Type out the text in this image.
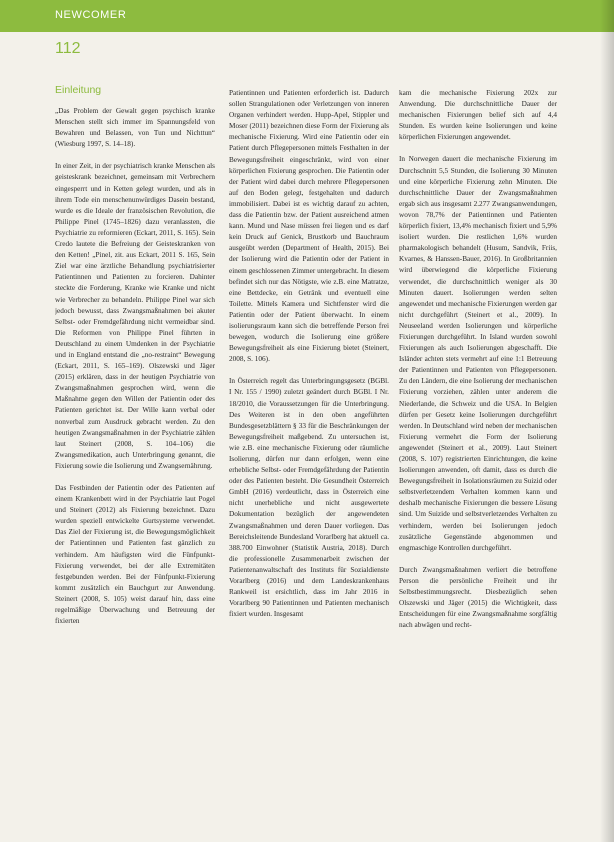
NEWCOMER
112
Einleitung

„Das Problem der Gewalt gegen psychisch kranke Menschen stellt sich immer im Spannungsfeld von Bewahren und Belassen, von Tun und Nichttun“ (Wiesburg 1997, S. 14–18).

In einer Zeit, in der psychiatrisch kranke Menschen als geisteskrank bezeichnet, gemeinsam mit Verbrechern eingesperrt und in Ketten gelegt wurden, und als in ihrem Tode ein menschenunwürdiges Dasein bestand, wurde es die Ideale der französischen Revolution, die Philippe Pinel (1745–1826) dazu veranlassten, die Psychiatrie zu reformieren (Eckart, 2011, S. 165). Sein Credo lautete die Befreiung der Geisteskranken von den Ketten! „Pinel, zit. aus Eckart, 2011 S. 165, Sein Ziel war eine ärztliche Behandlung psychiatrisierter Patientinnen und Patienten zu forcieren. Dahinter steckte die Forderung, Kranke wie Kranke und nicht wie Verbrecher zu behandeln. Philippe Pinel war sich jedoch bewusst, dass Zwangsmaßnahmen bei akuter Selbst- oder Fremdgefährdung nicht vermeidbar sind. Die Reformen von Philippe Pinel führten in Deutschland zu einem Umdenken in der Psychiatrie und in England entstand die „no-restraint“ Bewegung (Eckart, 2011, S. 165–169). Olszewski und Jäger (2015) erklären, dass in der heutigen Psychiatrie von Zwangsmaßnahmen gesprochen wird, wenn die Maßnahme gegen den Willen der Patientin oder des Patienten gerichtet ist. Der Wille kann verbal oder nonverbal zum Ausdruck gebracht werden. Zu den heutigen Zwangsmaßnahmen in der Psychiatrie zählen laut Steinert (2008, S. 104–106) die Zwangsmedikation, auch Unterbringung genannt, die Fixierung sowie die Isolierung und Zwangsernährung.

Das Festbinden der Patientin oder des Patienten auf einem Krankenbett wird in der Psychiatrie laut Pogel und Steinert (2012) als Fixierung bezeichnet. Dazu wurden speziell entwickelte Gurtsysteme verwendet. Das Ziel der Fixierung ist, die Bewegungsmöglichkeit der Patientinnen und Patienten fast gänzlich zu verhindern. Am häufigsten wird die Fünfpunkt-Fixierung verwendet, bei der alle Extremitäten festgebunden werden. Bei der Fünfpunkt-Fixierung kommt zusätzlich ein Bauchgurt zur Anwendung. Steinert (2008, S. 105) weist darauf hin, dass eine regelmäßige Überwachung und Betreuung der fixierten

Patientinnen und Patienten erforderlich ist. Dadurch sollen Strangulationen oder Verletzungen von inneren Organen verhindert werden. Hupp-Apel, Stippler und Moser (2011) bezeichnen diese Form der Fixierung als mechanische Fixierung. Wird eine Patientin oder ein Patient durch Pflegepersonen mittels Festhalten in der Bewegungsfreiheit eingeschränkt, wird von einer körperlichen Fixierung gesprochen. Die Patientin oder der Patient wird dabei durch mehrere Pflegepersonen auf den Boden gelegt, festgehalten und dadurch immobilisiert. Dabei ist es wichtig darauf zu achten, dass die Patientin bzw. der Patient ausreichend atmen kann. Mund und Nase müssen frei liegen und es darf kein Druck auf Genick, Brustkorb und Bauchraum ausgeübt werden (Department of Health, 2015). Bei der Isolierung wird die Patientin oder der Patient in einem geschlossenen Zimmer untergebracht. In diesem befindet sich nur das Nötigste, wie z.B. eine Matratze, eine Bettdecke, ein Getränk und eventuell eine Toilette. Mittels Kamera und Sichtfenster wird die Patientin oder der Patient überwacht. In einem isolierungsraum kann sich die betreffende Person frei bewegen, wodurch die Isolierung eine größere Bewegungsfreiheit als eine Fixierung bietet (Steinert, 2008, S. 106).

In Österreich regelt das Unterbringungsgesetz (BGBl. I Nr. 155 / 1990) zuletzt geändert durch BGBl. I Nr. 18/2010, die Voraussetzungen für die Unterbringung. Des Weiteren ist in den oben angeführten Bundesgesetzblättern § 33 für die Beschränkungen der Bewegungsfreiheit maßgebend. Zu untersuchen ist, wie z.B. eine mechanische Fixierung oder räumliche Isolierung, dürfen nur dann erfolgen, wenn eine erhebliche Selbst- oder Fremdgefährdung der Patientin oder des Patienten besteht. Die Gesundheit Österreich GmbH (2016) verdeutlicht, dass in Österreich eine nicht unerhebliche und nicht ausgewertete Dokumentation bezüglich der angewendeten Zwangsmaßnahmen und deren Dauer vorliegen. Das Bereichsleitende Bundesland Vorarlberg hat aktuell ca. 388.700 Einwohner (Statistik Austria, 2018). Durch die professionelle Zusammenarbeit zwischen der Patientenanwaltschaft des Instituts für Sozialdienste Vorarlberg (2016) und dem Landeskrankenhaus Rankweil ist ersichtlich, dass im Jahr 2016 in Vorarlberg 90 Patientinnen und Patienten mechanisch fixiert wurden. Insgesamt

kam die mechanische Fixierung 202x zur Anwendung. Die durchschnittliche Dauer der mechanischen Fixierungen belief sich auf 4,4 Stunden. Es wurden keine Isolierungen und keine körperlichen Fixierungen angewendet.

In Norwegen dauert die mechanische Fixierung im Durchschnitt 5,5 Stunden, die Isolierung 30 Minuten und eine körperliche Fixierung zehn Minuten. Die durchschnittliche Dauer der Zwangsmaßnahmen ergab sich aus insgesamt 2.277 Zwangsanwendungen, wovon 78,7% der Patientinnen und Patienten körperlich fixiert, 13,4% mechanisch fixiert und 5,9% isoliert wurden. Die restlichen 1,6% wurden pharmakologisch behandelt (Husum, Sandvik, Friis, Kvarnes, & Hanssen-Bauer, 2016). In Großbritannien wird überwiegend die körperliche Fixierung verwendet, die durchschnittlich weniger als 30 Minuten dauert. Isolierungen werden selten angewendet und mechanische Fixierungen werden gar nicht durchgeführt (Steinert et al., 2009). In Neuseeland werden Isolierungen und körperliche Fixierungen durchgeführt. In Island wurden sowohl Fixierungen als auch Isolierungen abgeschafft. Die Isländer achten stets vermehrt auf eine 1:1 Betreuung der Patientinnen und Patienten von Pflegepersonen. Zu den Ländern, die eine Isolierung der mechanischen Fixierung vorziehen, zählen unter anderem die Niederlande, die Schweiz und die USA. In Belgien dürfen per Gesetz keine Isolierungen durchgeführt werden. In Deutschland wird neben der mechanischen Fixierung vermehrt die Form der Isolierung angewendet (Steinert et al., 2009). Laut Steinert (2008, S. 107) registrierten Einrichtungen, die keine Isolierungen anwenden, oft damit, dass es durch die Bewegungsfreiheit in Isolationsräumen zu Suizid oder selbstverletzendem Verhalten kommen kann und deshalb mechanische Fixierungen die bessere Lösung sind. Um Suizide und selbstverletzendes Verhalten zu verhindern, werden bei Isolierungen jedoch zusätzliche Gegenstände abgenommen und engmaschige Kontrollen durchgeführt.

Durch Zwangsmaßnahmen verliert die betroffene Person die persönliche Freiheit und ihr Selbstbestimmungsrecht. Diesbezüglich sehen Olszewski und Jäger (2015) die Wichtigkeit, dass Entscheidungen für eine Zwangsmaßnahme sorgfältig nach abwägen und recht-
